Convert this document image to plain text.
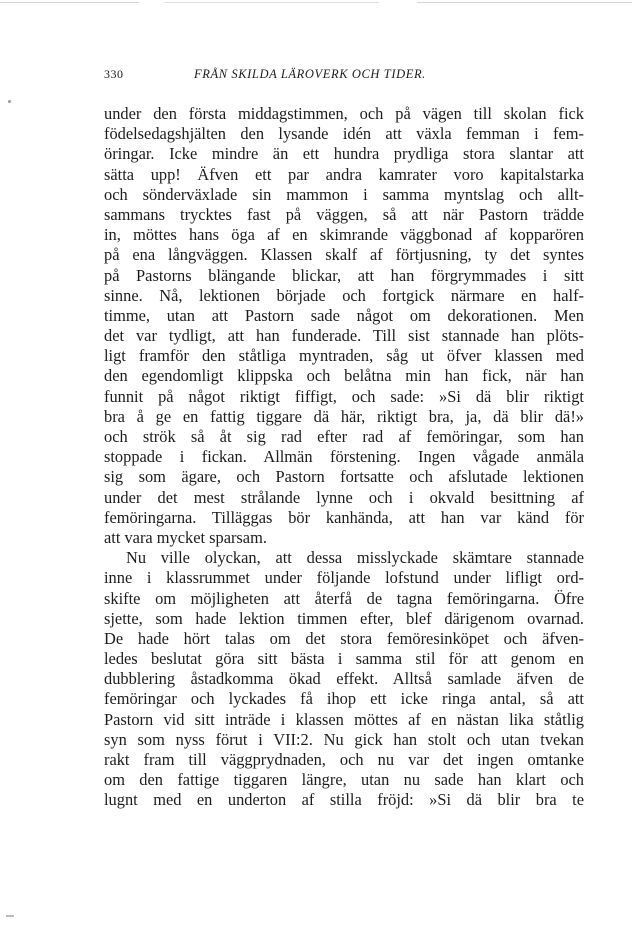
330	FRÅN SKILDA LÄROVERK OCH TIDER.
under den första middagstimmen, och på vägen till skolan fick
födelsedagshjälten den lysande idén att växla femman i fem-
öringar. Icke mindre än ett hundra prydliga stora slantar att
sätta upp! Äfven ett par andra kamrater voro kapitalstarka
och sönderväxlade sin mammon i samma myntslag och allt-
sammans trycktes fast på väggen, så att när Pastorn trädde
in, möttes hans öga af en skimrande väggbonad af kopparören
på ena långväggen. Klassen skalf af förtjusning, ty det syntes
på Pastorns blängande blickar, att han förgrymmades i sitt
sinne. Nå, lektionen började och fortgick närmare en half-
timme, utan att Pastorn sade något om dekorationen. Men
det var tydligt, att han funderade. Till sist stannade han plöts-
ligt framför den ståtliga myntraden, såg ut öfver klassen med
den egendomligt klippska och belåtna min han fick, när han
funnit på något riktigt fiffigt, och sade: »Si dä blir riktigt
bra å ge en fattig tiggare dä här, riktigt bra, ja, dä blir dä!»
och strök så åt sig rad efter rad af femöringar, som han
stoppade i fickan. Allmän förstening. Ingen vågade anmäla
sig som ägare, och Pastorn fortsatte och afslutade lektionen
under det mest strålande lynne och i okvald besittning af
femöringarna. Tilläggas bör kanhända, att han var känd för
att vara mycket sparsam.
Nu ville olyckan, att dessa misslyckade skämtare stannade
inne i klassrummet under följande lofstund under lifligt ord-
skifte om möjligheten att återfå de tagna femöringarna. Öfre
sjette, som hade lektion timmen efter, blef därigenom ovarnad.
De hade hört talas om det stora femöresinköpet och äfven-
ledes beslutat göra sitt bästa i samma stil för att genom en
dubblering åstadkomma ökad effekt. Alltså samlade äfven de
femöringar och lyckades få ihop ett icke ringa antal, så att
Pastorn vid sitt inträde i klassen möttes af en nästan lika ståtlig
syn som nyss förut i VII:2. Nu gick han stolt och utan tvekan
rakt fram till väggprydnaden, och nu var det ingen omtanke
om den fattige tiggaren längre, utan nu sade han klart och
lugnt med en underton af stilla fröjd: »Si dä blir bra te
